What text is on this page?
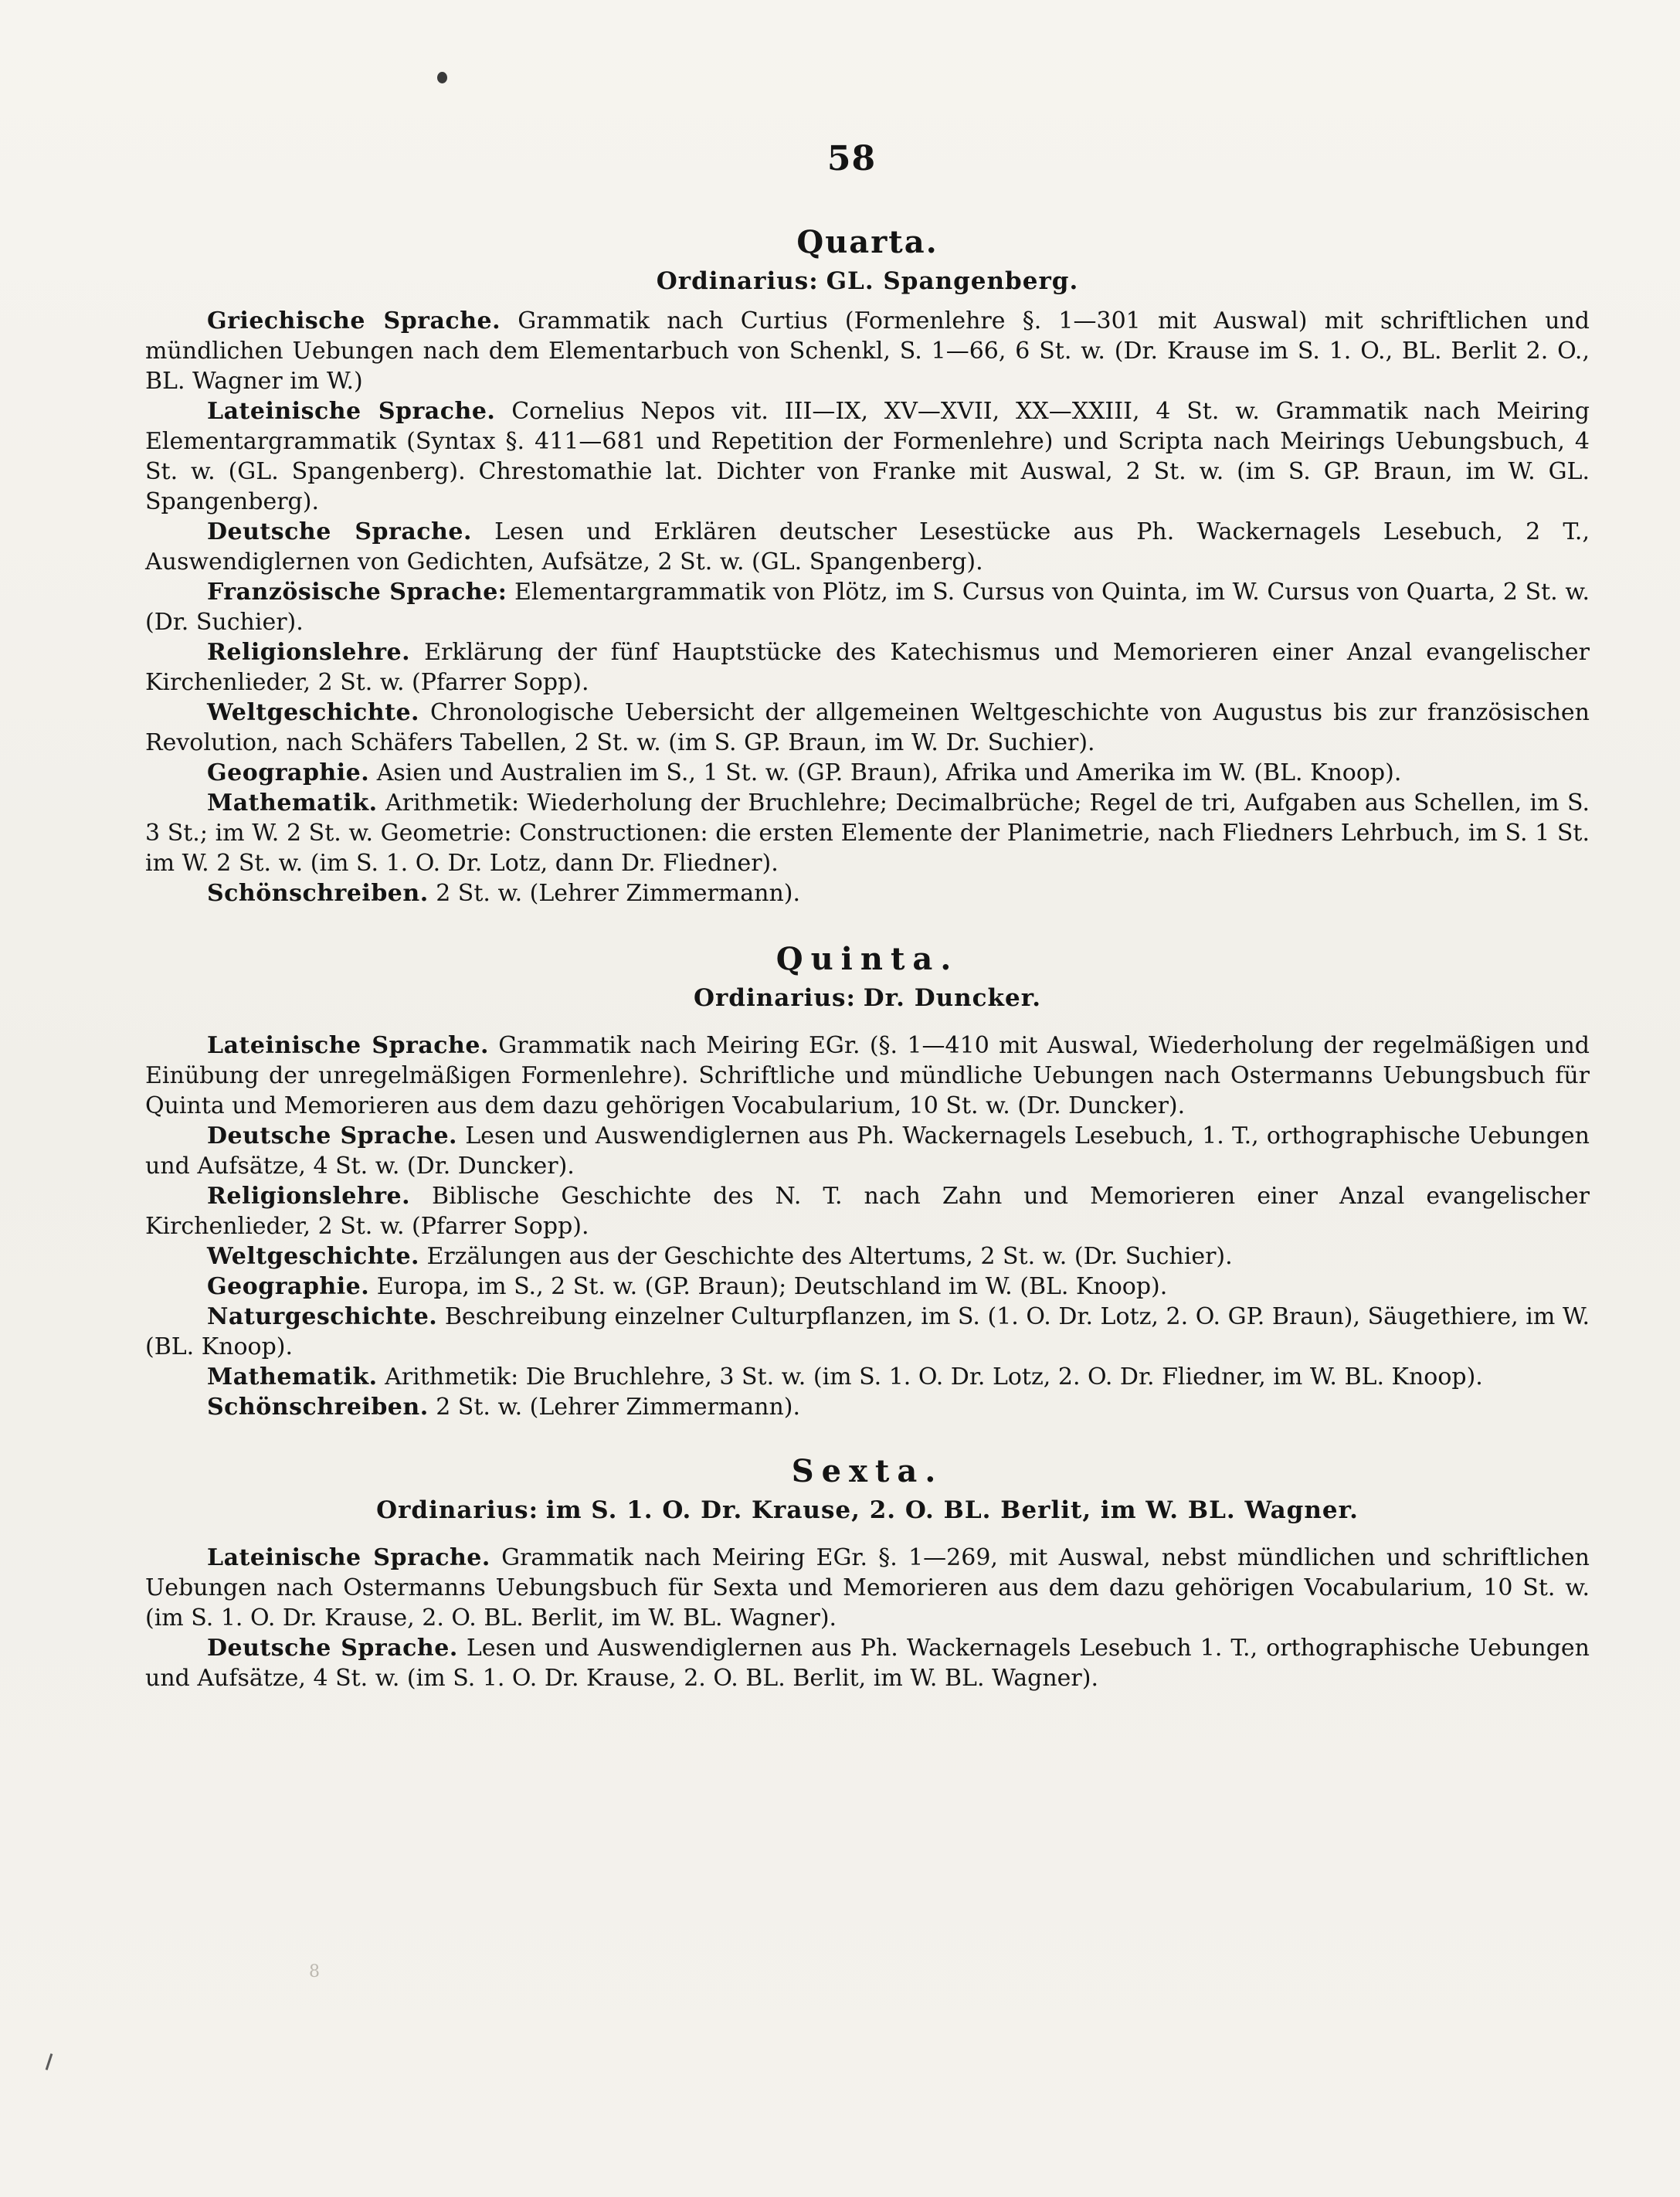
58
Quarta.
Ordinarius: GL. Spangenberg.

Griechische Sprache. Grammatik nach Curtius (Formenlehre §. 1—301 mit Auswal) mit schriftlichen und mündlichen Uebungen nach dem Elementarbuch von Schenkl, S. 1—66, 6 St. w. (Dr. Krause im S. 1. O., BL. Berlit 2. O., BL. Wagner im W.)

Lateinische Sprache. Cornelius Nepos vit. III—IX, XV—XVII, XX—XXIII, 4 St. w. Grammatik nach Meiring Elementargrammatik (Syntax §. 411—681 und Repetition der Formenlehre) und Scripta nach Meirings Uebungsbuch, 4 St. w. (GL. Spangenberg). Chrestomathie lat. Dichter von Franke mit Auswal, 2 St. w. (im S. GP. Braun, im W. GL. Spangenberg).

Deutsche Sprache. Lesen und Erklären deutscher Lesestücke aus Ph. Wackernagels Lesebuch, 2 T., Auswendiglernen von Gedichten, Aufsätze, 2 St. w. (GL. Spangenberg).

Französische Sprache: Elementargrammatik von Plötz, im S. Cursus von Quinta, im W. Cursus von Quarta, 2 St. w. (Dr. Suchier).

Religionslehre. Erklärung der fünf Hauptstücke des Katechismus und Memorieren einer Anzal evangelischer Kirchenlieder, 2 St. w. (Pfarrer Sopp).

Weltgeschichte. Chronologische Uebersicht der allgemeinen Weltgeschichte von Augustus bis zur französischen Revolution, nach Schäfers Tabellen, 2 St. w. (im S. GP. Braun, im W. Dr. Suchier).

Geographie. Asien und Australien im S., 1 St. w. (GP. Braun), Afrika und Amerika im W. (BL. Knoop).

Mathematik. Arithmetik: Wiederholung der Bruchlehre; Decimalbrüche; Regel de tri, Aufgaben aus Schellen, im S. 3 St.; im W. 2 St. w. Geometrie: Constructionen: die ersten Elemente der Planimetrie, nach Fliedners Lehrbuch, im S. 1 St. im W. 2 St. w. (im S. 1. O. Dr. Lotz, dann Dr. Fliedner).

Schönschreiben. 2 St. w. (Lehrer Zimmermann).

Quinta.
Ordinarius: Dr. Duncker.

Lateinische Sprache. Grammatik nach Meiring EGr. (§. 1—410 mit Auswal, Wiederholung der regelmäßigen und Einübung der unregelmäßigen Formenlehre). Schriftliche und mündliche Uebungen nach Ostermanns Uebungsbuch für Quinta und Memorieren aus dem dazu gehörigen Vocabularium, 10 St. w. (Dr. Duncker).

Deutsche Sprache. Lesen und Auswendiglernen aus Ph. Wackernagels Lesebuch, 1. T., orthographische Uebungen und Aufsätze, 4 St. w. (Dr. Duncker).

Religionslehre. Biblische Geschichte des N. T. nach Zahn und Memorieren einer Anzal evangelischer Kirchenlieder, 2 St. w. (Pfarrer Sopp).

Weltgeschichte. Erzälungen aus der Geschichte des Altertums, 2 St. w. (Dr. Suchier).

Geographie. Europa, im S., 2 St. w. (GP. Braun); Deutschland im W. (BL. Knoop).

Naturgeschichte. Beschreibung einzelner Culturpflanzen, im S. (1. O. Dr. Lotz, 2. O. GP. Braun), Säugethiere, im W. (BL. Knoop).

Mathematik. Arithmetik: Die Bruchlehre, 3 St. w. (im S. 1. O. Dr. Lotz, 2. O. Dr. Fliedner, im W. BL. Knoop).

Schönschreiben. 2 St. w. (Lehrer Zimmermann).

Sexta.
Ordinarius: im S. 1. O. Dr. Krause, 2. O. BL. Berlit, im W. BL. Wagner.

Lateinische Sprache. Grammatik nach Meiring EGr. §. 1—269, mit Auswal, nebst mündlichen und schriftlichen Uebungen nach Ostermanns Uebungsbuch für Sexta und Memorieren aus dem dazu gehörigen Vocabularium, 10 St. w. (im S. 1. O. Dr. Krause, 2. O. BL. Berlit, im W. BL. Wagner).

Deutsche Sprache. Lesen und Auswendiglernen aus Ph. Wackernagels Lesebuch 1. T., orthographische Uebungen und Aufsätze, 4 St. w. (im S. 1. O. Dr. Krause, 2. O. BL. Berlit, im W. BL. Wagner).

8
